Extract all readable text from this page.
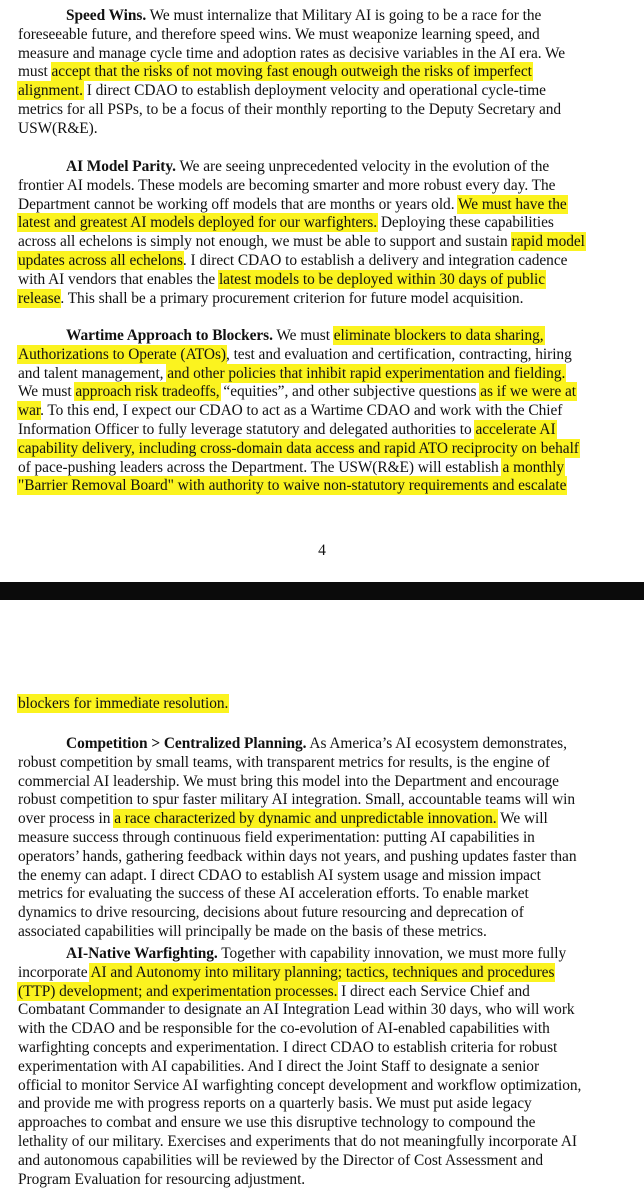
Speed Wins. We must internalize that Military AI is going to be a race for the
foreseeable future, and therefore speed wins. We must weaponize learning speed, and
measure and manage cycle time and adoption rates as decisive variables in the AI era. We
must accept that the risks of not moving fast enough outweigh the risks of imperfect
alignment. I direct CDAO to establish deployment velocity and operational cycle-time
metrics for all PSPs, to be a focus of their monthly reporting to the Deputy Secretary and
USW(R&E).
AI Model Parity. We are seeing unprecedented velocity in the evolution of the
frontier AI models. These models are becoming smarter and more robust every day. The
Department cannot be working off models that are months or years old. We must have the
latest and greatest AI models deployed for our warfighters. Deploying these capabilities
across all echelons is simply not enough, we must be able to support and sustain rapid model
updates across all echelons. I direct CDAO to establish a delivery and integration cadence
with AI vendors that enables the latest models to be deployed within 30 days of public
release. This shall be a primary procurement criterion for future model acquisition.
Wartime Approach to Blockers. We must eliminate blockers to data sharing,
Authorizations to Operate (ATOs), test and evaluation and certification, contracting, hiring
and talent management, and other policies that inhibit rapid experimentation and fielding.
We must approach risk tradeoffs, “equities”, and other subjective questions as if we were at
war. To this end, I expect our CDAO to act as a Wartime CDAO and work with the Chief
Information Officer to fully leverage statutory and delegated authorities to accelerate AI
capability delivery, including cross-domain data access and rapid ATO reciprocity on behalf
of pace-pushing leaders across the Department. The USW(R&E) will establish a monthly
"Barrier Removal Board" with authority to waive non-statutory requirements and escalate
4
blockers for immediate resolution.
Competition > Centralized Planning. As America’s AI ecosystem demonstrates,
robust competition by small teams, with transparent metrics for results, is the engine of
commercial AI leadership. We must bring this model into the Department and encourage
robust competition to spur faster military AI integration. Small, accountable teams will win
over process in a race characterized by dynamic and unpredictable innovation. We will
measure success through continuous field experimentation: putting AI capabilities in
operators’ hands, gathering feedback within days not years, and pushing updates faster than
the enemy can adapt. I direct CDAO to establish AI system usage and mission impact
metrics for evaluating the success of these AI acceleration efforts. To enable market
dynamics to drive resourcing, decisions about future resourcing and deprecation of
associated capabilities will principally be made on the basis of these metrics.
AI-Native Warfighting. Together with capability innovation, we must more fully
incorporate AI and Autonomy into military planning; tactics, techniques and procedures
(TTP) development; and experimentation processes. I direct each Service Chief and
Combatant Commander to designate an AI Integration Lead within 30 days, who will work
with the CDAO and be responsible for the co-evolution of AI-enabled capabilities with
warfighting concepts and experimentation. I direct CDAO to establish criteria for robust
experimentation with AI capabilities. And I direct the Joint Staff to designate a senior
official to monitor Service AI warfighting concept development and workflow optimization,
and provide me with progress reports on a quarterly basis. We must put aside legacy
approaches to combat and ensure we use this disruptive technology to compound the
lethality of our military. Exercises and experiments that do not meaningfully incorporate AI
and autonomous capabilities will be reviewed by the Director of Cost Assessment and
Program Evaluation for resourcing adjustment.
